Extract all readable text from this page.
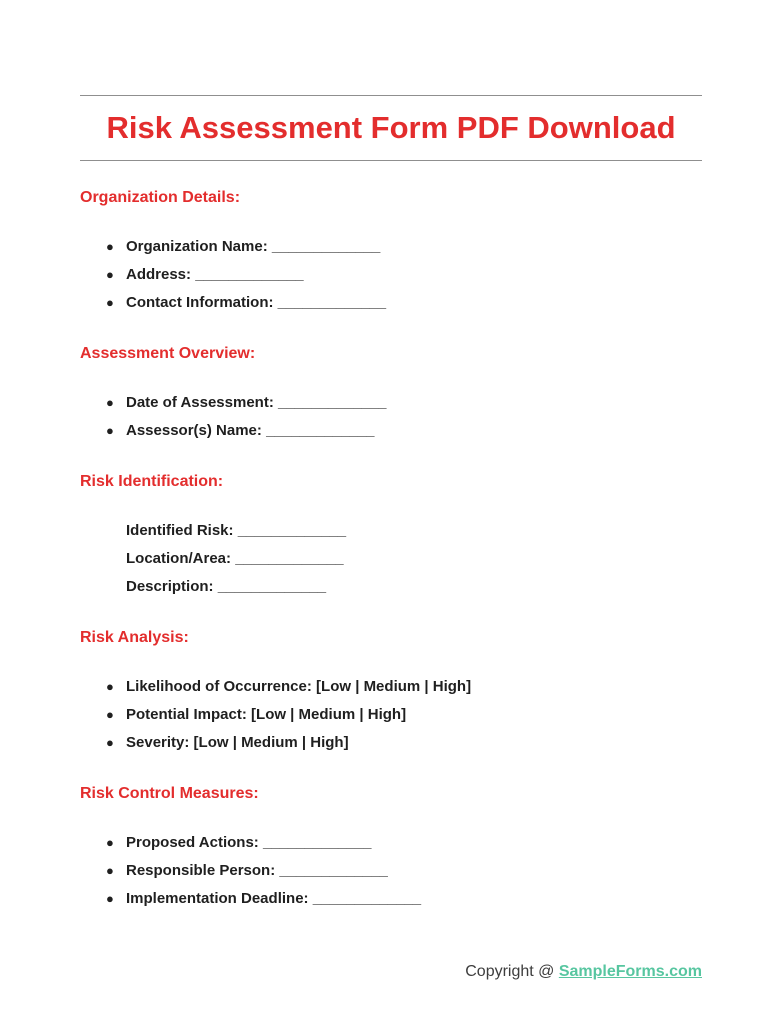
Risk Assessment Form PDF Download
Organization Details:
● Organization Name: _____________
● Address: _____________
● Contact Information: _____________
Assessment Overview:
● Date of Assessment: _____________
● Assessor(s) Name: _____________
Risk Identification:
Identified Risk: _____________
Location/Area: _____________
Description: _____________
Risk Analysis:
● Likelihood of Occurrence: [Low | Medium | High]
● Potential Impact: [Low | Medium | High]
● Severity: [Low | Medium | High]
Risk Control Measures:
● Proposed Actions: _____________
● Responsible Person: _____________
● Implementation Deadline: _____________
Copyright @ SampleForms.com
